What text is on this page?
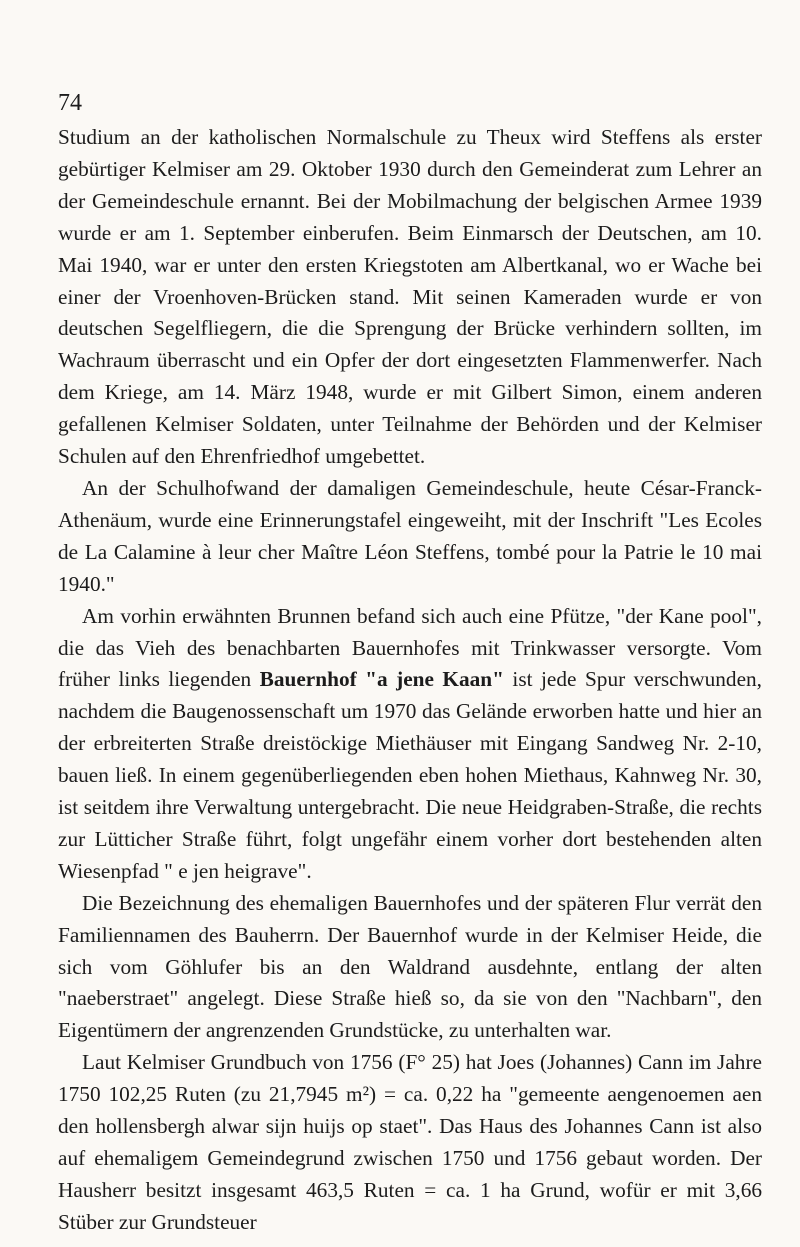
74

Studium an der katholischen Normalschule zu Theux wird Steffens als erster gebürtiger Kelmiser am 29. Oktober 1930 durch den Gemeinderat zum Lehrer an der Gemeindeschule ernannt. Bei der Mobilmachung der belgischen Armee 1939 wurde er am 1. September einberufen. Beim Einmarsch der Deutschen, am 10. Mai 1940, war er unter den ersten Kriegstoten am Albertkanal, wo er Wache bei einer der Vroenhoven-Brücken stand. Mit seinen Kameraden wurde er von deutschen Segelfliegern, die die Sprengung der Brücke verhindern sollten, im Wachraum überrascht und ein Opfer der dort eingesetzten Flammenwerfer. Nach dem Kriege, am 14. März 1948, wurde er mit Gilbert Simon, einem anderen gefallenen Kelmiser Soldaten, unter Teilnahme der Behörden und der Kelmiser Schulen auf den Ehrenfriedhof umgebettet.

An der Schulhofwand der damaligen Gemeindeschule, heute César-Franck-Athenäum, wurde eine Erinnerungstafel eingeweiht, mit der Inschrift "Les Ecoles de La Calamine à leur cher Maître Léon Steffens, tombé pour la Patrie le 10 mai 1940."

Am vorhin erwähnten Brunnen befand sich auch eine Pfütze, "der Kane pool", die das Vieh des benachbarten Bauernhofes mit Trinkwasser versorgte. Vom früher links liegenden Bauernhof "a jene Kaan" ist jede Spur verschwunden, nachdem die Baugenossenschaft um 1970 das Gelände erworben hatte und hier an der erbreiterten Straße dreistöckige Miethäuser mit Eingang Sandweg Nr. 2-10, bauen ließ. In einem gegenüberliegenden eben hohen Miethaus, Kahnweg Nr. 30, ist seitdem ihre Verwaltung untergebracht. Die neue Heidgraben-Straße, die rechts zur Lütticher Straße führt, folgt ungefähr einem vorher dort bestehenden alten Wiesenpfad " e jen heigrave".

Die Bezeichnung des ehemaligen Bauernhofes und der späteren Flur verrät den Familiennamen des Bauherrn. Der Bauernhof wurde in der Kelmiser Heide, die sich vom Göhlufer bis an den Waldrand ausdehnte, entlang der alten "naeberstraet" angelegt. Diese Straße hieß so, da sie von den "Nachbarn", den Eigentümern der angrenzenden Grundstücke, zu unterhalten war.

Laut Kelmiser Grundbuch von 1756 (F° 25) hat Joes (Johannes) Cann im Jahre 1750 102,25 Ruten (zu 21,7945 m²) = ca. 0,22 ha "gemeente aengenoemen aen den hollensbergh alwar sijn huijs op staet". Das Haus des Johannes Cann ist also auf ehemaligem Gemeindegrund zwischen 1750 und 1756 gebaut worden. Der Hausherr besitzt insgesamt 463,5 Ruten = ca. 1 ha Grund, wofür er mit 3,66 Stüber zur Grundsteuer
